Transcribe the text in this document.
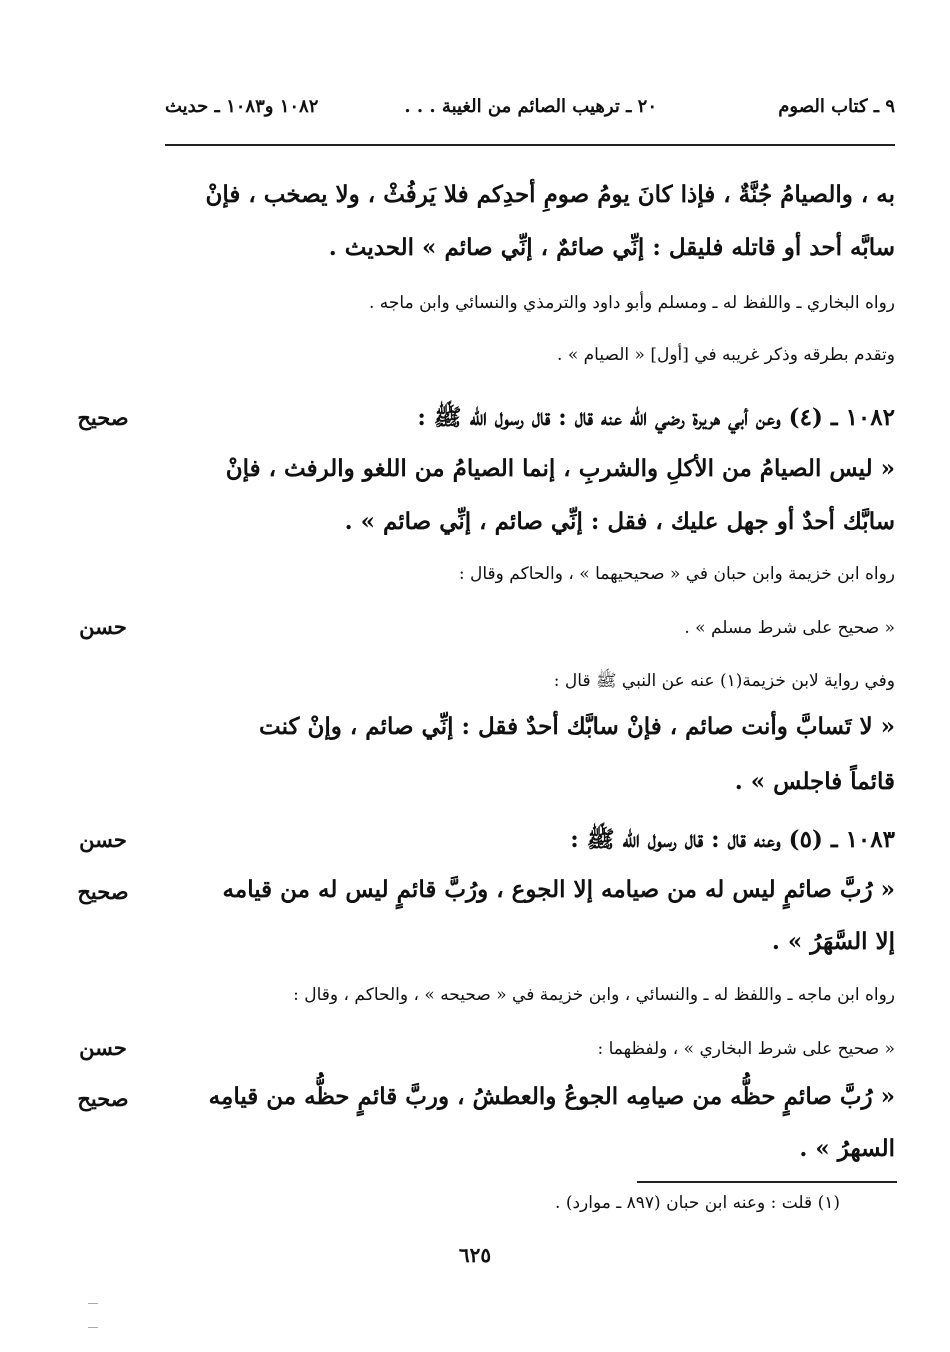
٩ ـ كتاب الصوم
٢٠ ـ ترهيب الصائم من الغيبة . . .
١٠٨٢ و١٠٨٣ ـ حديث
به ، والصيامُ جُنَّةٌ ، فإذا كانَ يومُ صومِ أحدِكم فلا يَرفُثْ ، ولا يصخب ، فإنْ
سابَّه أحد أو قاتله فليقل : إنِّي صائمٌ ، إنِّي صائم » الحديث .
رواه البخاري ـ واللفظ له ـ ومسلم وأبو داود والترمذي والنسائي وابن ماجه .
وتقدم بطرقه وذكر غريبه في [أول] « الصيام » .
١٠٨٢ ـ (٤) وعن أبي هريرة رضي الله عنه قال : قال رسول الله ﷺ :
صحيح
« ليس الصيامُ من الأكلِ والشربِ ، إنما الصيامُ من اللغو والرفث ، فإنْ
سابَّك أحدٌ أو جهل عليك ، فقل : إنِّي صائم ، إنِّي صائم » .
رواه ابن خزيمة وابن حبان في « صحيحيهما » ، والحاكم وقال :
« صحيح على شرط مسلم » .
حسن
وفي رواية لابن خزيمة(١) عنه عن النبي ﷺ قال :
« لا تَسابَّ وأنت صائم ، فإنْ سابَّك أحدٌ فقل : إنِّي صائم ، وإنْ كنت
قائماً فاجلس » .
١٠٨٣ ـ (٥) وعنه قال : قال رسول الله ﷺ :
حسن
« رُبَّ صائمٍ ليس له من صيامه إلا الجوع ، ورُبَّ قائمٍ ليس له من قيامه
صحيح
إلا السَّهَرُ » .
رواه ابن ماجه ـ واللفظ له ـ والنسائي ، وابن خزيمة في « صحيحه » ، والحاكم ، وقال :
« صحيح على شرط البخاري » ، ولفظهما :
حسن
« رُبَّ صائمٍ حظُّه من صيامِه الجوعُ والعطشُ ، وربَّ قائمٍ حظُّه من قيامِه
صحيح
السهرُ » .
(١) قلت : وعنه ابن حبان (٨٩٧ ـ موارد) .
٦٢٥
